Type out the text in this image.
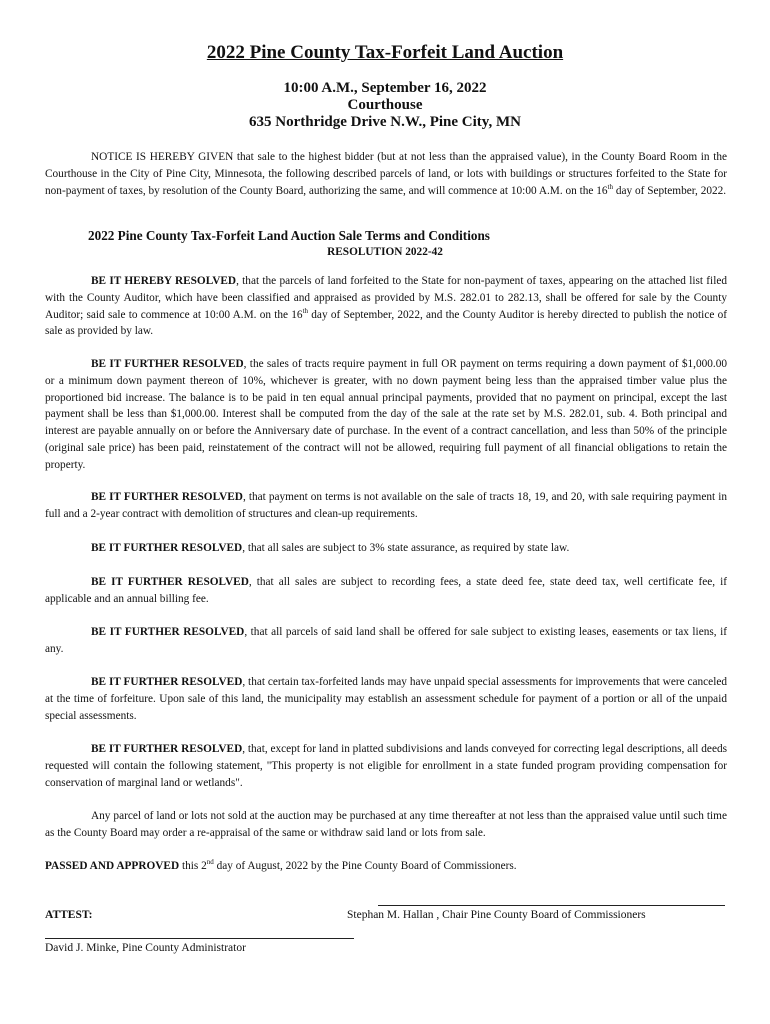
2022 Pine County Tax-Forfeit Land Auction
10:00 A.M., September 16, 2022
Courthouse
635 Northridge Drive N.W., Pine City, MN
NOTICE IS HEREBY GIVEN that sale to the highest bidder (but at not less than the appraised value), in the County Board Room in the Courthouse in the City of Pine City, Minnesota, the following described parcels of land, or lots with buildings or structures forfeited to the State for non-payment of taxes, by resolution of the County Board, authorizing the same, and will commence at 10:00 A.M. on the 16th day of September, 2022.
2022 Pine County Tax-Forfeit Land Auction Sale Terms and Conditions
RESOLUTION 2022-42
BE IT HEREBY RESOLVED, that the parcels of land forfeited to the State for non-payment of taxes, appearing on the attached list filed with the County Auditor, which have been classified and appraised as provided by M.S. 282.01 to 282.13, shall be offered for sale by the County Auditor; said sale to commence at 10:00 A.M. on the 16th day of September, 2022, and the County Auditor is hereby directed to publish the notice of sale as provided by law.
BE IT FURTHER RESOLVED, the sales of tracts require payment in full OR payment on terms requiring a down payment of $1,000.00 or a minimum down payment thereon of 10%, whichever is greater, with no down payment being less than the appraised timber value plus the proportioned bid increase. The balance is to be paid in ten equal annual principal payments, provided that no payment on principal, except the last payment shall be less than $1,000.00. Interest shall be computed from the day of the sale at the rate set by M.S. 282.01, sub. 4. Both principal and interest are payable annually on or before the Anniversary date of purchase. In the event of a contract cancellation, and less than 50% of the principle (original sale price) has been paid, reinstatement of the contract will not be allowed, requiring full payment of all financial obligations to retain the property.
BE IT FURTHER RESOLVED, that payment on terms is not available on the sale of tracts 18, 19, and 20, with sale requiring payment in full and a 2-year contract with demolition of structures and clean-up requirements.
BE IT FURTHER RESOLVED, that all sales are subject to 3% state assurance, as required by state law.
BE IT FURTHER RESOLVED, that all sales are subject to recording fees, a state deed fee, state deed tax, well certificate fee, if applicable and an annual billing fee.
BE IT FURTHER RESOLVED, that all parcels of said land shall be offered for sale subject to existing leases, easements or tax liens, if any.
BE IT FURTHER RESOLVED, that certain tax-forfeited lands may have unpaid special assessments for improvements that were canceled at the time of forfeiture. Upon sale of this land, the municipality may establish an assessment schedule for payment of a portion or all of the unpaid special assessments.
BE IT FURTHER RESOLVED, that, except for land in platted subdivisions and lands conveyed for correcting legal descriptions, all deeds requested will contain the following statement, "This property is not eligible for enrollment in a state funded program providing compensation for conservation of marginal land or wetlands".
Any parcel of land or lots not sold at the auction may be purchased at any time thereafter at not less than the appraised value until such time as the County Board may order a re-appraisal of the same or withdraw said land or lots from sale.
PASSED AND APPROVED this 2nd day of August, 2022 by the Pine County Board of Commissioners.
ATTEST:	Stephan M. Hallan , Chair Pine County Board of Commissioners
David J. Minke, Pine County Administrator
